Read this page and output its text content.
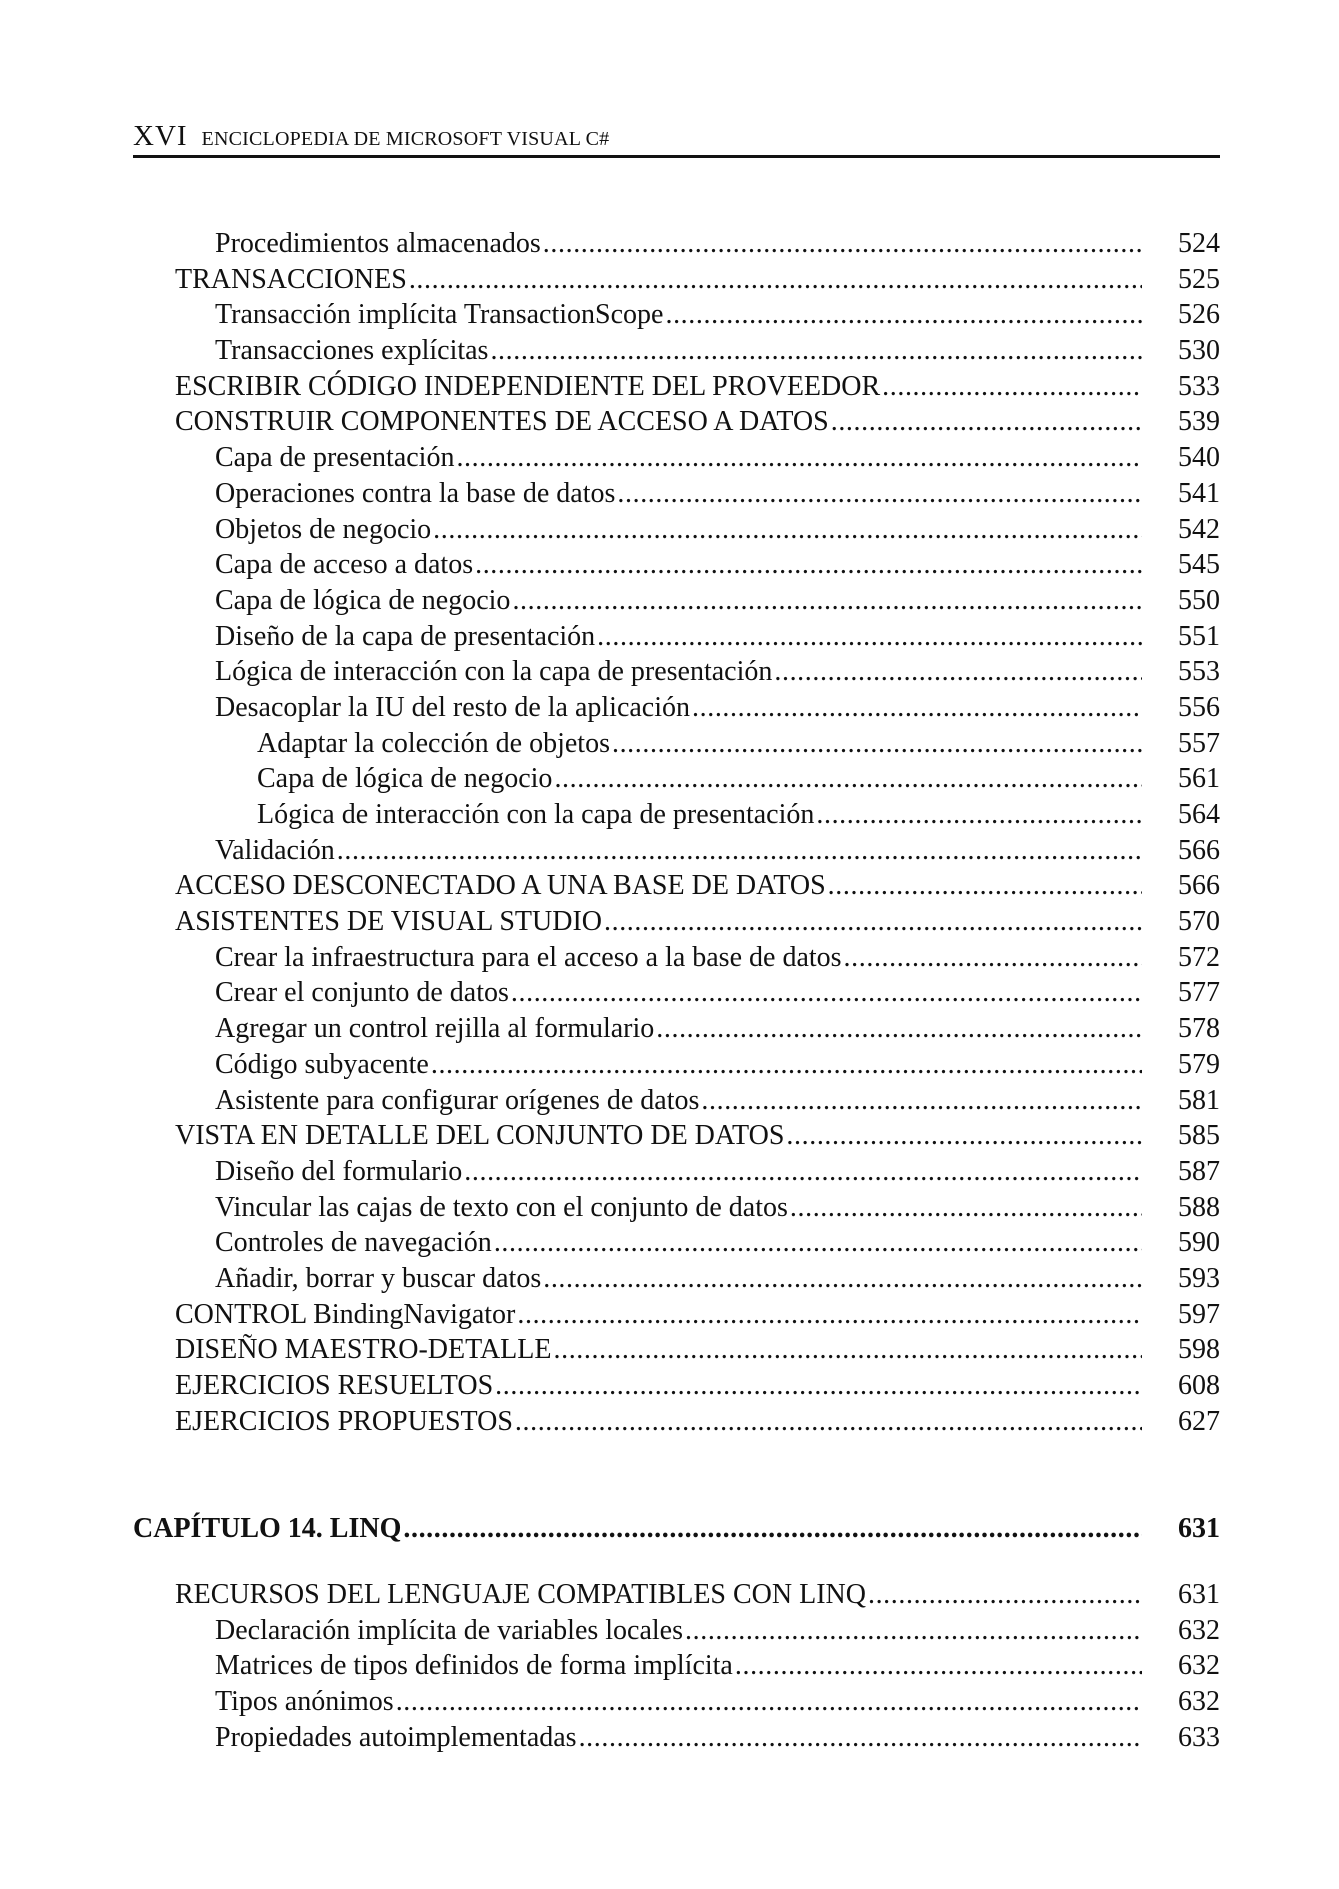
XVI ENCICLOPEDIA DE MICROSOFT VISUAL C#
Procedimientos almacenados . . .	524
TRANSACCIONES . . .	525
Transacción implícita TransactionScope . . .	526
Transacciones explícitas . . .	530
ESCRIBIR CÓDIGO INDEPENDIENTE DEL PROVEEDOR . . .	533
CONSTRUIR COMPONENTES DE ACCESO A DATOS . . .	539
Capa de presentación . . .	540
Operaciones contra la base de datos . . .	541
Objetos de negocio . . .	542
Capa de acceso a datos . . .	545
Capa de lógica de negocio . . .	550
Diseño de la capa de presentación . . .	551
Lógica de interacción con la capa de presentación . . .	553
Desacoplar la IU del resto de la aplicación . . .	556
Adaptar la colección de objetos . . .	557
Capa de lógica de negocio . . .	561
Lógica de interacción con la capa de presentación . . .	564
Validación . . .	566
ACCESO DESCONECTADO A UNA BASE DE DATOS . . .	566
ASISTENTES DE VISUAL STUDIO . . .	570
Crear la infraestructura para el acceso a la base de datos . . .	572
Crear el conjunto de datos . . .	577
Agregar un control rejilla al formulario . . .	578
Código subyacente . . .	579
Asistente para configurar orígenes de datos . . .	581
VISTA EN DETALLE DEL CONJUNTO DE DATOS . . .	585
Diseño del formulario . . .	587
Vincular las cajas de texto con el conjunto de datos . . .	588
Controles de navegación . . .	590
Añadir, borrar y buscar datos . . .	593
CONTROL BindingNavigator . . .	597
DISEÑO MAESTRO-DETALLE . . .	598
EJERCICIOS RESUELTOS . . .	608
EJERCICIOS PROPUESTOS . . .	627
CAPÍTULO 14. LINQ . . .	631
RECURSOS DEL LENGUAJE COMPATIBLES CON LINQ . . .	631
Declaración implícita de variables locales . . .	632
Matrices de tipos definidos de forma implícita . . .	632
Tipos anónimos . . .	632
Propiedades autoimplementadas . . .	633
